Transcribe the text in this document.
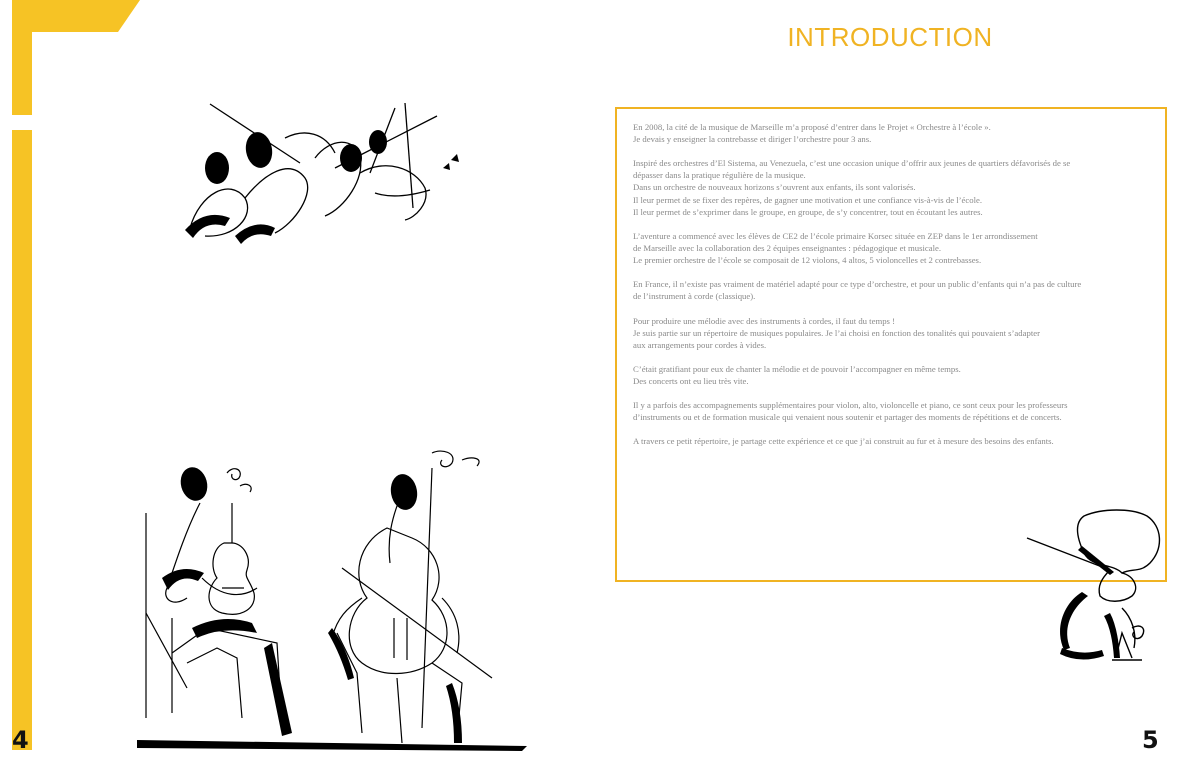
INTRODUCTION

En 2008, la cité de la musique de Marseille m’a proposé d’entrer dans le Projet « Orchestre à l’école ».
Je devais y enseigner la contrebasse et diriger l’orchestre pour 3 ans.

Inspiré des orchestres d’El Sistema, au Venezuela, c’est une occasion unique d’offrir aux jeunes de quartiers défavorisés de se
dépasser dans la pratique régulière de la musique.
Dans un orchestre de nouveaux horizons s’ouvrent aux enfants, ils sont valorisés.
Il leur permet de se fixer des repères, de gagner une motivation et une confiance vis-à-vis de l’école.
Il leur permet de s’exprimer dans le groupe, en groupe, de s’y concentrer, tout en écoutant les autres.

L’aventure a commencé avec les élèves de CE2 de l’école primaire Korsec située en ZEP dans le 1er arrondissement
de Marseille avec la collaboration des 2 équipes enseignantes : pédagogique et musicale.
Le premier orchestre de l’école se composait de 12 violons, 4 altos, 5 violoncelles et 2 contrebasses.

En France, il n’existe pas vraiment de matériel adapté pour ce type d’orchestre, et pour un public d’enfants qui n’a pas de culture
de l’instrument à corde (classique).

Pour produire une mélodie avec des instruments à cordes, il faut du temps !
Je suis partie sur un répertoire de musiques populaires. Je l’ai choisi en fonction des tonalités qui pouvaient s’adapter
aux arrangements pour cordes à vides.

C’était gratifiant pour eux de chanter la mélodie et de pouvoir l’accompagner en même temps.
Des concerts ont eu lieu très vite.

Il y a parfois des accompagnements supplémentaires pour violon, alto, violoncelle et piano, ce sont ceux pour les professeurs
d’instruments ou et de formation musicale qui venaient nous soutenir et partager des moments de répétitions et de concerts.

A travers ce petit répertoire, je partage cette expérience et ce que j’ai construit au fur et à mesure des besoins des enfants.

4	5
